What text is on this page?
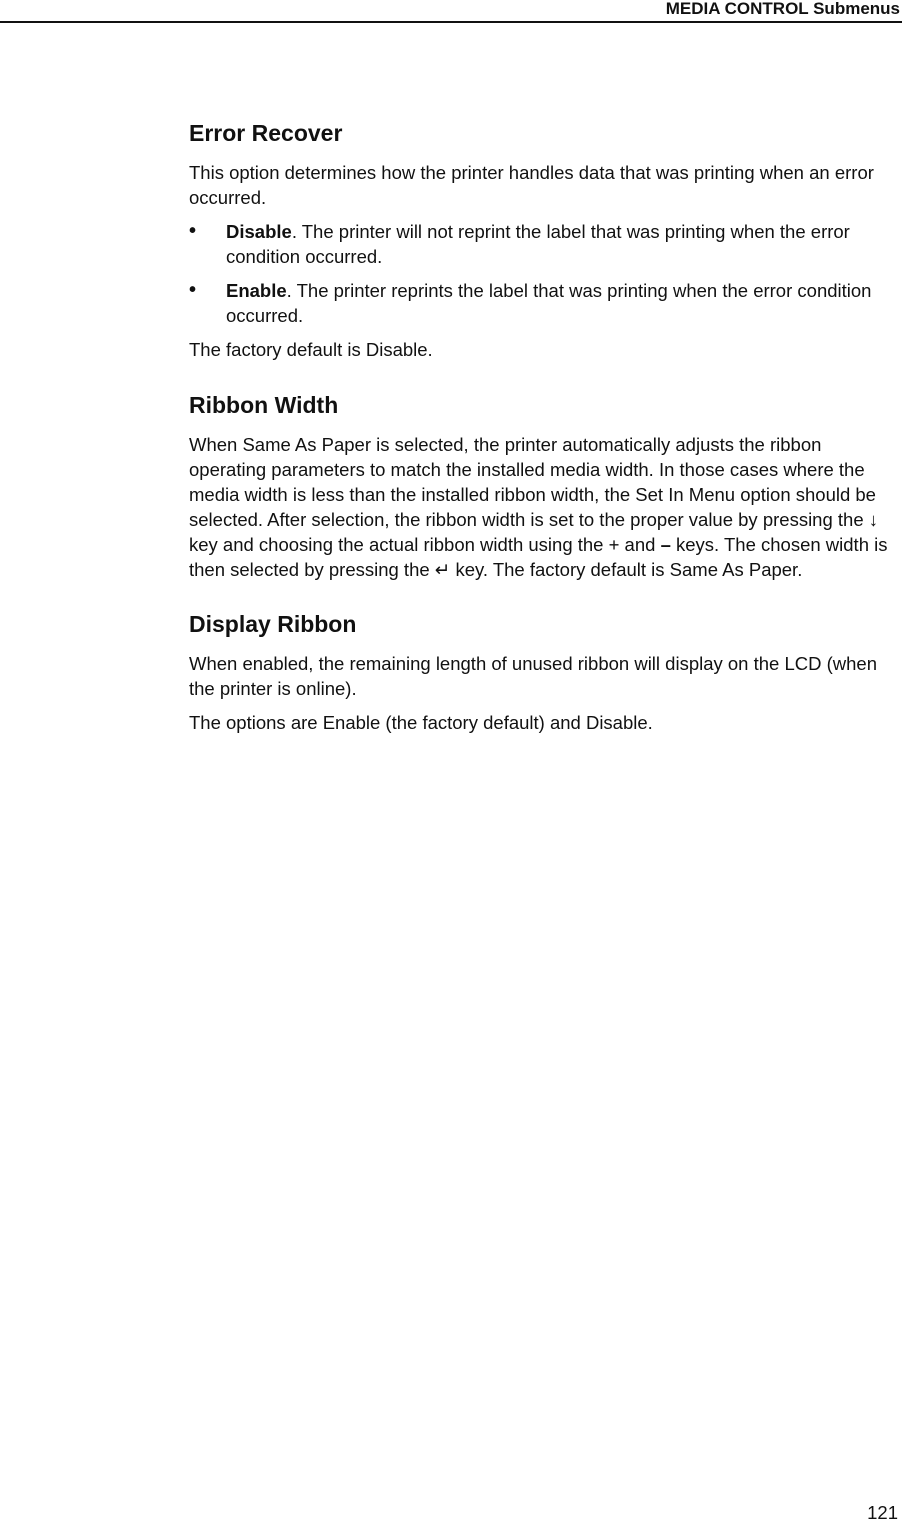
MEDIA CONTROL Submenus
Error Recover

This option determines how the printer handles data that was printing when an error occurred.

• Disable. The printer will not reprint the label that was printing when the error condition occurred.
• Enable. The printer reprints the label that was printing when the error condition occurred.

The factory default is Disable.

Ribbon Width

When Same As Paper is selected, the printer automatically adjusts the ribbon operating parameters to match the installed media width. In those cases where the media width is less than the installed ribbon width, the Set In Menu option should be selected. After selection, the ribbon width is set to the proper value by pressing the ↓ key and choosing the actual ribbon width using the + and – keys. The chosen width is then selected by pressing the ↵ key. The factory default is Same As Paper.

Display Ribbon

When enabled, the remaining length of unused ribbon will display on the LCD (when the printer is online).

The options are Enable (the factory default) and Disable.

121
